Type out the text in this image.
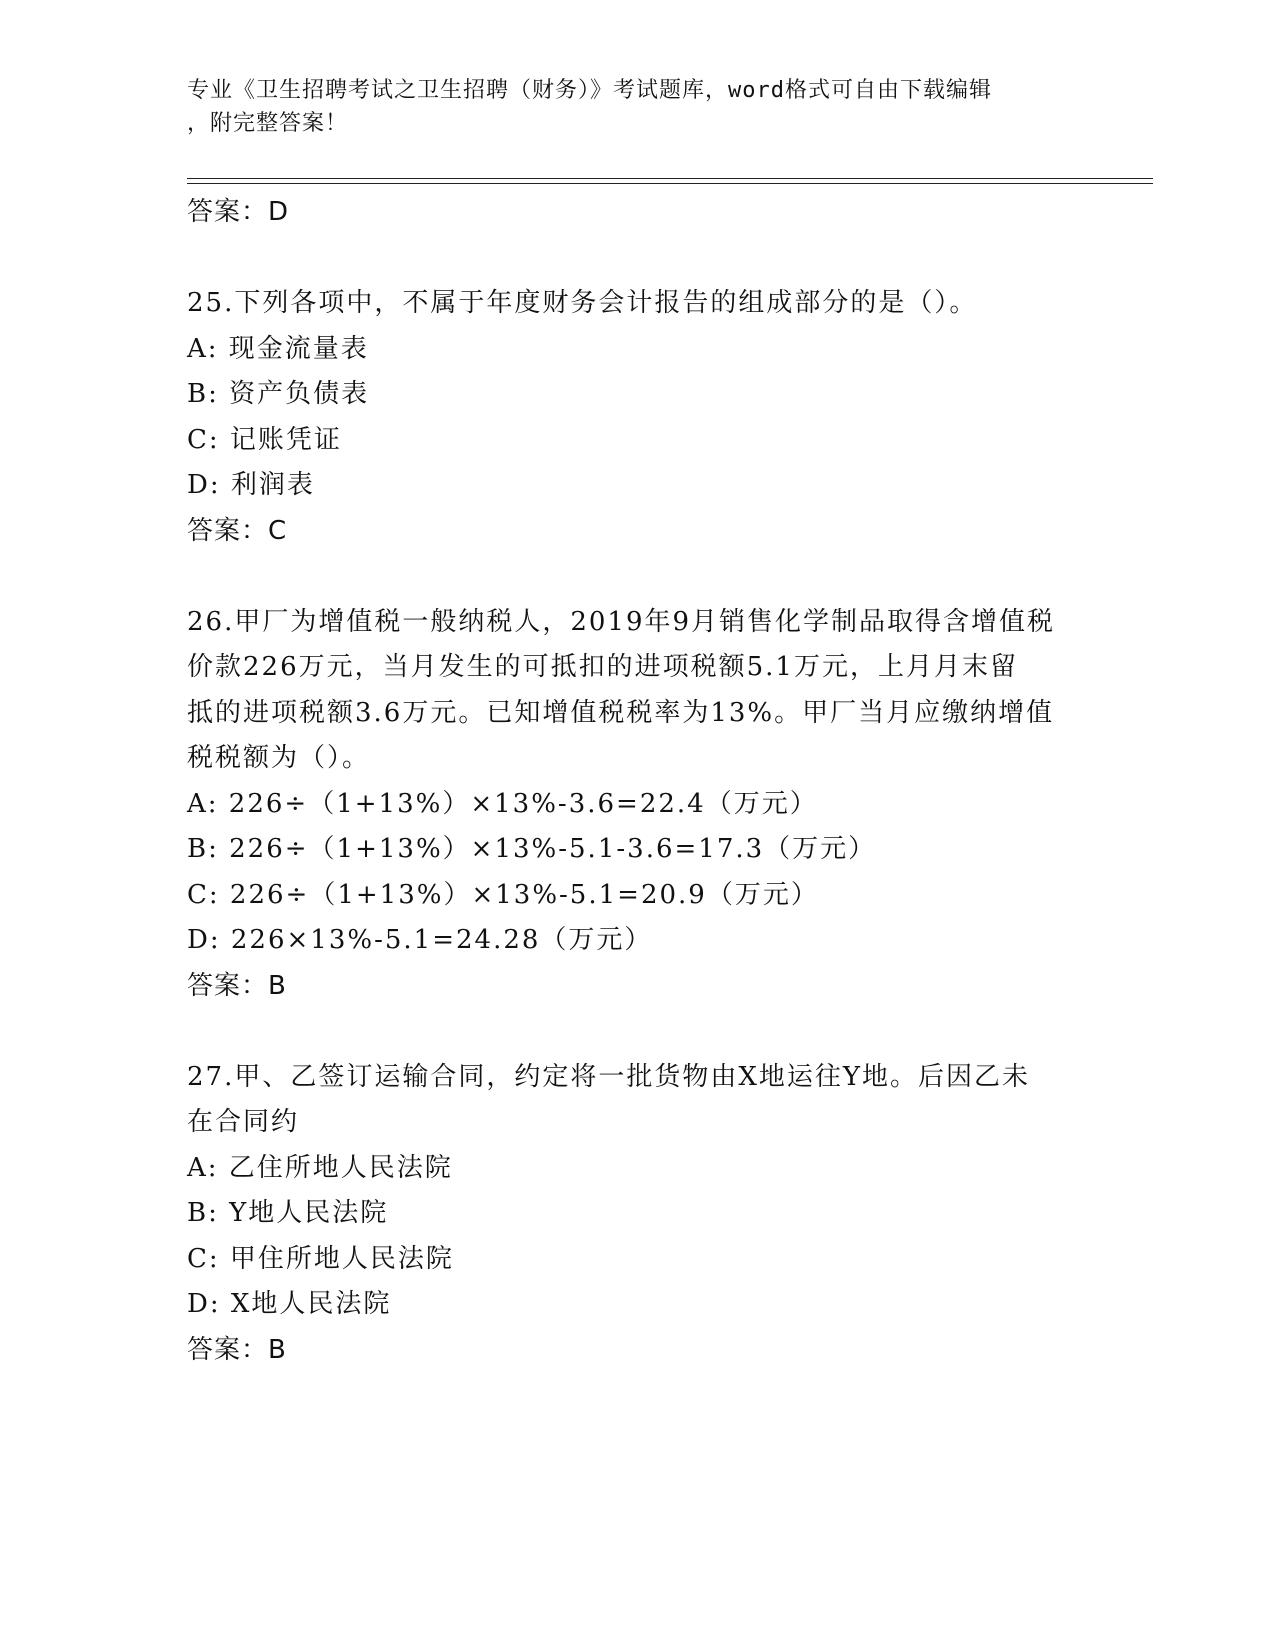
专业《卫生招聘考试之卫生招聘（财务）》考试题库，word格式可自由下载编辑
，附完整答案！
答案：D
25.下列各项中，不属于年度财务会计报告的组成部分的是（）。
A: 现金流量表
B: 资产负债表
C: 记账凭证
D: 利润表
答案：C
26.甲厂为增值税一般纳税人，2019年9月销售化学制品取得含增值税
价款226万元，当月发生的可抵扣的进项税额5.1万元，上月月末留
抵的进项税额3.6万元。已知增值税税率为13%。甲厂当月应缴纳增值
税税额为（）。
A: 226÷（1+13%）×13%-3.6=22.4（万元）
B: 226÷（1+13%）×13%-5.1-3.6=17.3（万元）
C: 226÷（1+13%）×13%-5.1=20.9（万元）
D: 226×13%-5.1=24.28（万元）
答案：B
27.甲、乙签订运输合同，约定将一批货物由X地运往Y地。后因乙未
在合同约
A: 乙住所地人民法院
B: Y地人民法院
C: 甲住所地人民法院
D: X地人民法院
答案：B
